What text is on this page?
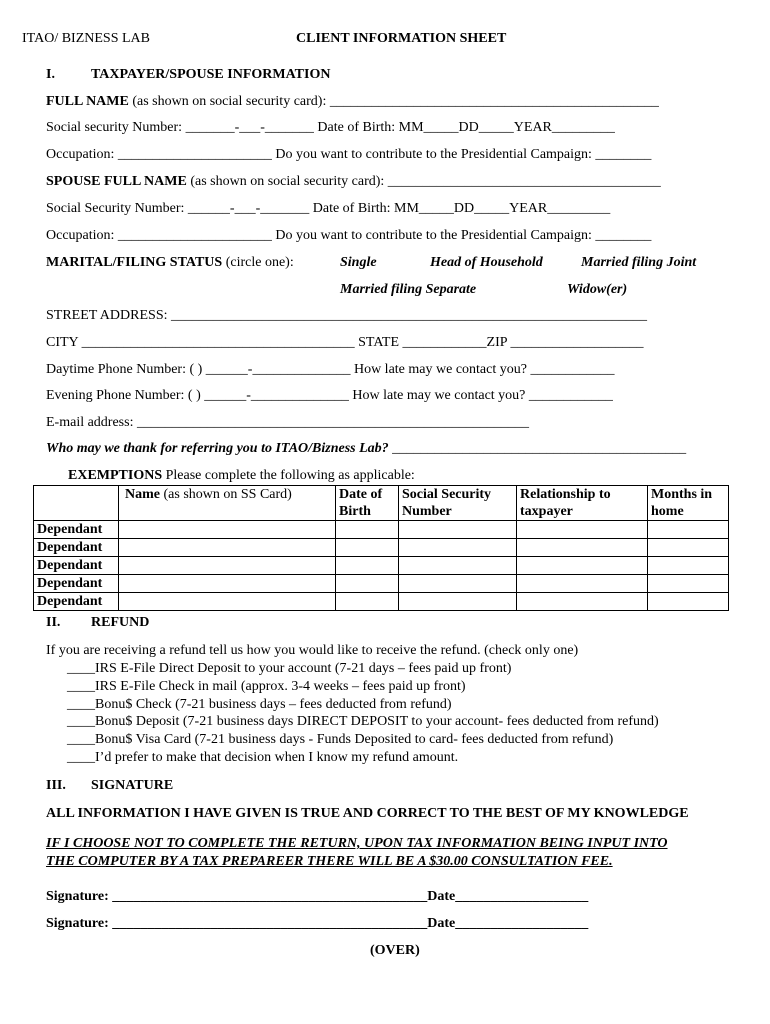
ITAO/ BIZNESS LAB	CLIENT INFORMATION SHEET
I.	TAXPAYER/SPOUSE INFORMATION
FULL NAME (as shown on social security card): _______________________________________________
Social security Number: _______-___-_______ Date of Birth: MM_____DD_____YEAR_________
Occupation: ______________________ Do you want to contribute to the Presidential Campaign: ________
SPOUSE FULL NAME (as shown on social security card): _______________________________________
Social Security Number: ______-___-_______ Date of Birth: MM_____DD_____YEAR_________
Occupation: ______________________ Do you want to contribute to the Presidential Campaign: ________
MARITAL/FILING STATUS (circle one):	Single	Head of Household	Married filing Joint
Married filing Separate	Widow(er)
STREET ADDRESS: ____________________________________________________________________
CITY _______________________________________ STATE ____________ZIP ___________________
Daytime Phone Number: ( ) ______-______________ How late may we contact you? ____________
Evening Phone Number: ( ) ______-______________ How late may we contact you? ____________
E-mail address: ________________________________________________________
Who may we thank for referring you to ITAO/Bizness Lab? __________________________________________
EXEMPTIONS Please complete the following as applicable:
	Name (as shown on SS Card)	Date of Birth	Social Security Number	Relationship to taxpayer	Months in home
Dependant					
Dependant					
Dependant					
Dependant					
Dependant					
II. REFUND
If you are receiving a refund tell us how you would like to receive the refund. (check only one)
____IRS E-File Direct Deposit to your account (7-21 days – fees paid up front)
____IRS E-File Check in mail (approx. 3-4 weeks – fees paid up front)
____Bonu$ Check (7-21 business days – fees deducted from refund)
____Bonu$ Deposit (7-21 business days DIRECT DEPOSIT to your account- fees deducted from refund)
____Bonu$ Visa Card (7-21 business days - Funds Deposited to card- fees deducted from refund)
____I’d prefer to make that decision when I know my refund amount.
III. SIGNATURE
ALL INFORMATION I HAVE GIVEN IS TRUE AND CORRECT TO THE BEST OF MY KNOWLEDGE
IF I CHOOSE NOT TO COMPLETE THE RETURN, UPON TAX INFORMATION BEING INPUT INTO
THE COMPUTER BY A TAX PREPAREER THERE WILL BE A $30.00 CONSULTATION FEE.
Signature: _____________________________________________Date___________________
Signature: _____________________________________________Date___________________
(OVER)
